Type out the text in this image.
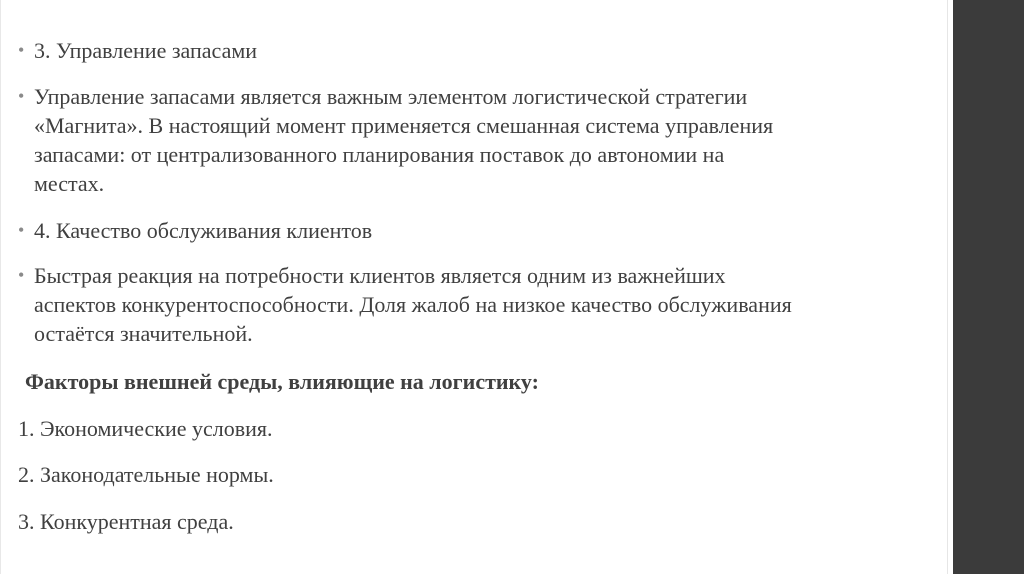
• 3. Управление запасами
• Управление запасами является важным элементом логистической стратегии
«Магнита». В настоящий момент применяется смешанная система управления
запасами: от централизованного планирования поставок до автономии на
местах.
• 4. Качество обслуживания клиентов
• Быстрая реакция на потребности клиентов является одним из важнейших
аспектов конкурентоспособности. Доля жалоб на низкое качество обслуживания
остаётся значительной.
Факторы внешней среды, влияющие на логистику:
1. Экономические условия.
2. Законодательные нормы.
3. Конкурентная среда.
